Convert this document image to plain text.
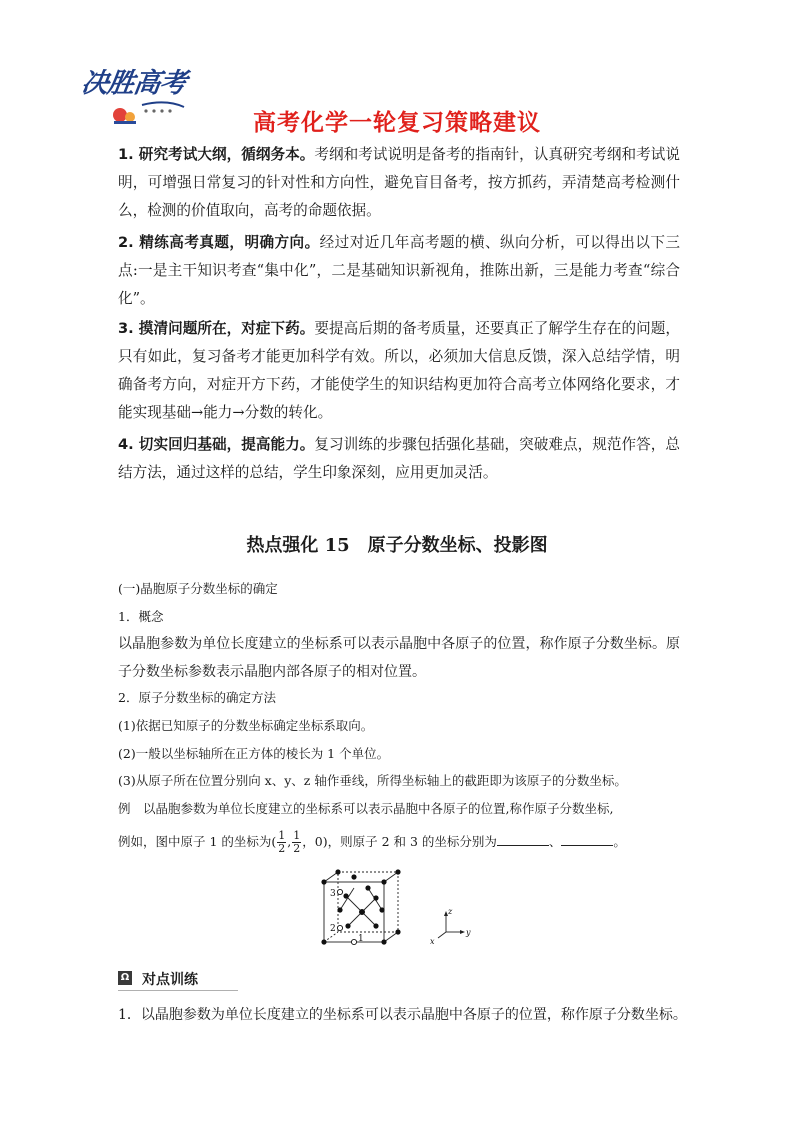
决胜高考
高考化学一轮复习策略建议

1. 研究考试大纲，循纲务本。考纲和考试说明是备考的指南针，认真研究考纲和考试说明，可增强日常复习的针对性和方向性，避免盲目备考，按方抓药，弄清楚高考检测什么，检测的价值取向，高考的命题依据。

2. 精练高考真题，明确方向。经过对近几年高考题的横、纵向分析，可以得出以下三点:一是主干知识考查“集中化”，二是基础知识新视角，推陈出新，三是能力考查“综合化”。

3. 摸清问题所在，对症下药。要提高后期的备考质量，还要真正了解学生存在的问题，只有如此，复习备考才能更加科学有效。所以，必须加大信息反馈，深入总结学情，明确备考方向，对症开方下药，才能使学生的知识结构更加符合高考立体网络化要求，才能实现基础→能力→分数的转化。

4. 切实回归基础，提高能力。复习训练的步骤包括强化基础，突破难点，规范作答，总结方法，通过这样的总结，学生印象深刻，应用更加灵活。

热点强化 15　原子分数坐标、投影图

(一)晶胞原子分数坐标的确定

1．概念

以晶胞参数为单位长度建立的坐标系可以表示晶胞中各原子的位置，称作原子分数坐标。原子分数坐标参数表示晶胞内部各原子的相对位置。

2．原子分数坐标的确定方法

(1)依据已知原子的分数坐标确定坐标系取向。

(2)一般以坐标轴所在正方体的棱长为 1 个单位。

(3)从原子所在位置分别向 x、y、z 轴作垂线，所得坐标轴上的截距即为该原子的分数坐标。

例　以晶胞参数为单位长度建立的坐标系可以表示晶胞中各原子的位置,称作原子分数坐标,

例如，图中原子 1 的坐标为( $\frac{1}{2}$ , $\frac{1}{2}$ ，0)，则原子 2 和 3 的坐标分别为	、	。

3
2
1
z
y
x
Ω 对点训练

1．以晶胞参数为单位长度建立的坐标系可以表示晶胞中各原子的位置，称作原子分数坐标。
